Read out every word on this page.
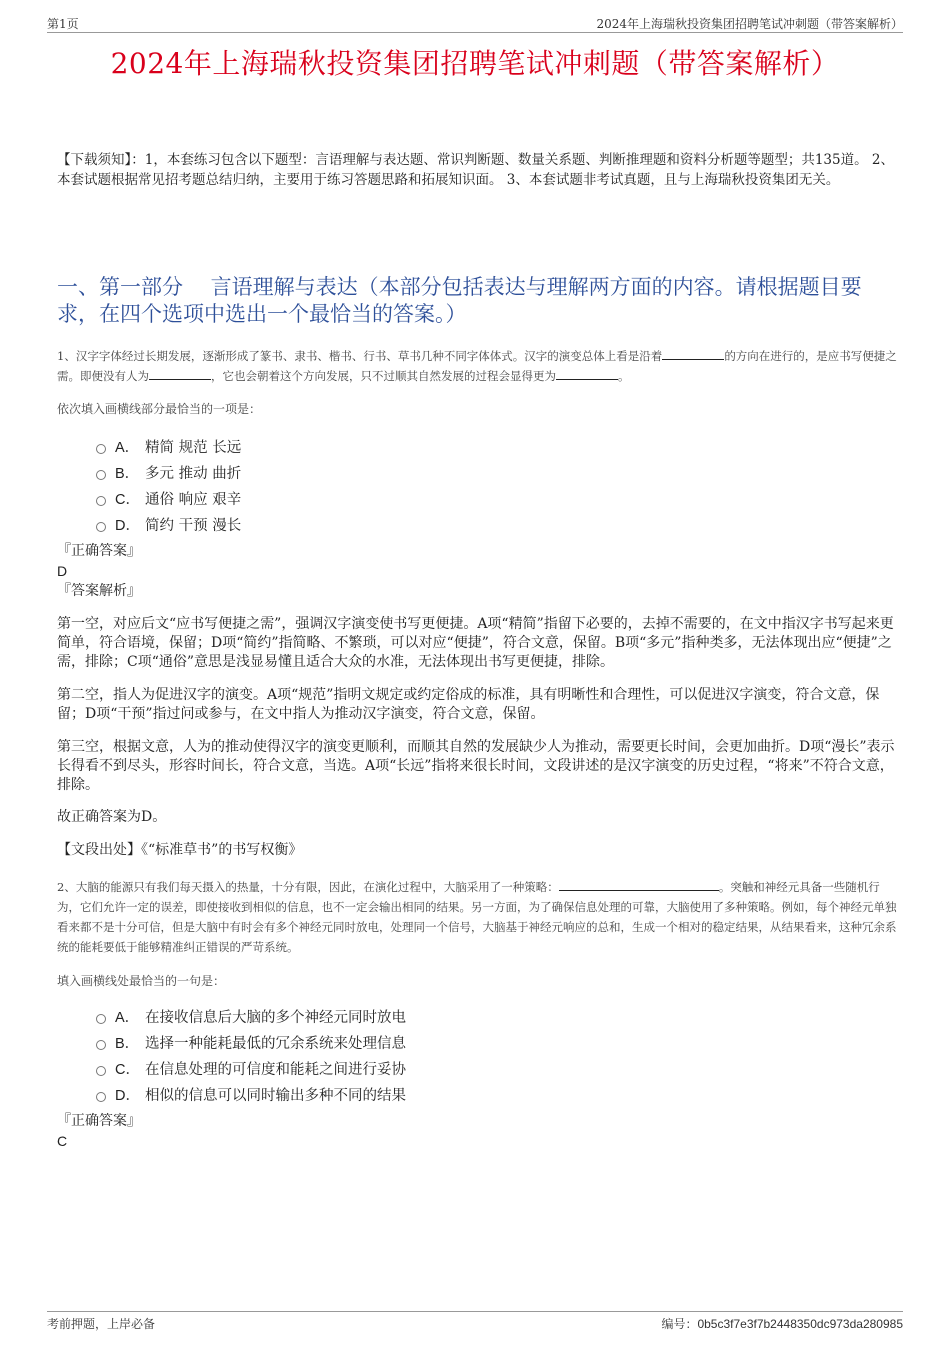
第1页	2024年上海瑞秋投资集团招聘笔试冲刺题（带答案解析）
2024年上海瑞秋投资集团招聘笔试冲刺题（带答案解析）
【下载须知】：1，本套练习包含以下题型：言语理解与表达题、常识判断题、数量关系题、判断推理题和资料分析题等题型；共135道。 2、本套试题根据常见招考题总结归纳，主要用于练习答题思路和拓展知识面。 3、本套试题非考试真题，且与上海瑞秋投资集团无关。
一、第一部分　 言语理解与表达（本部分包括表达与理解两方面的内容。请根据题目要求，在四个选项中选出一个最恰当的答案。）
1、汉字字体经过长期发展，逐渐形成了篆书、隶书、楷书、行书、草书几种不同字体体式。汉字的演变总体上看是沿着	的方向在进行的，是应书写便捷之需。即便没有人为	，它也会朝着这个方向发展，只不过顺其自然发展的过程会显得更为	。
依次填入画横线部分最恰当的一项是：
A． 精简 规范 长远
B． 多元 推动 曲折
C． 通俗 响应 艰辛
D． 简约 干预 漫长
『正确答案』
D
『答案解析』
第一空，对应后文“应书写便捷之需”，强调汉字演变使书写更便捷。A项“精简”指留下必要的，去掉不需要的，在文中指汉字书写起来更简单，符合语境，保留；D项“简约”指简略、不繁琐，可以对应“便捷”，符合文意，保留。B项“多元”指种类多，无法体现出应“便捷”之需，排除；C项“通俗”意思是浅显易懂且适合大众的水准，无法体现出书写更便捷，排除。
第二空，指人为促进汉字的演变。A项“规范”指明文规定或约定俗成的标准，具有明晰性和合理性，可以促进汉字演变，符合文意，保留；D项“干预”指过问或参与，在文中指人为推动汉字演变，符合文意，保留。
第三空，根据文意，人为的推动使得汉字的演变更顺利，而顺其自然的发展缺少人为推动，需要更长时间，会更加曲折。D项“漫长”表示长得看不到尽头，形容时间长，符合文意，当选。A项“长远”指将来很长时间，文段讲述的是汉字演变的历史过程，“将来”不符合文意，排除。
故正确答案为D。
【文段出处】《“标准草书”的书写权衡》
2、大脑的能源只有我们每天摄入的热量，十分有限，因此，在演化过程中，大脑采用了一种策略：	。突触和神经元具备一些随机行为，它们允许一定的误差，即使接收到相似的信息，也不一定会输出相同的结果。另一方面，为了确保信息处理的可靠，大脑使用了多种策略。例如，每个神经元单独看来都不是十分可信，但是大脑中有时会有多个神经元同时放电，处理同一个信号，大脑基于神经元响应的总和，生成一个相对的稳定结果，从结果看来，这种冗余系统的能耗要低于能够精准纠正错误的严苛系统。
填入画横线处最恰当的一句是：
A． 在接收信息后大脑的多个神经元同时放电
B． 选择一种能耗最低的冗余系统来处理信息
C． 在信息处理的可信度和能耗之间进行妥协
D． 相似的信息可以同时输出多种不同的结果
『正确答案』
C
考前押题，上岸必备	编号：0b5c3f7e3f7b2448350dc973da280985
